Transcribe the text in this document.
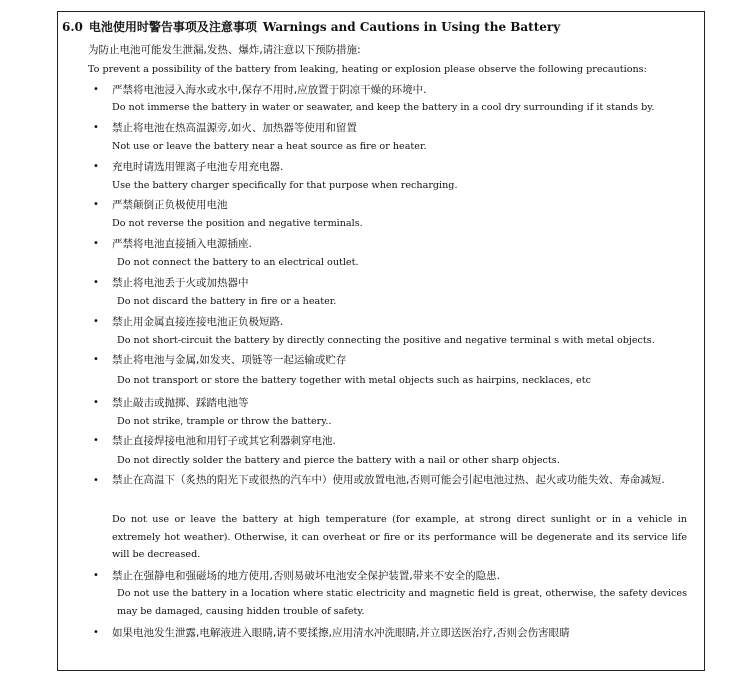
6.0 电池使用时警告事项及注意事项 Warnings and Cautions in Using the Battery
为防止电池可能发生泄漏,发热、爆炸,请注意以下预防措施:
To prevent a possibility of the battery from leaking, heating or explosion please observe the following precautions:
• 严禁将电池浸入海水或水中,保存不用时,应放置于阴凉干燥的环境中.
Do not immerse the battery in water or seawater, and keep the battery in a cool dry surrounding if it stands by.
• 禁止将电池在热高温源旁,如火、加热器等使用和留置
Not use or leave the battery near a heat source as fire or heater.
• 充电时请选用锂离子电池专用充电器.
Use the battery charger specifically for that purpose when recharging.
• 严禁颠倒正负极使用电池
Do not reverse the position and negative terminals.
• 严禁将电池直接插入电源插座.
Do not connect the battery to an electrical outlet.
• 禁止将电池丢于火或加热器中
Do not discard the battery in fire or a heater.
• 禁止用金属直接连接电池正负极短路.
Do not short-circuit the battery by directly connecting the positive and negative terminal s with metal objects.
• 禁止将电池与金属,如发夹、项链等一起运输或贮存
Do not transport or store the battery together with metal objects such as hairpins, necklaces, etc
• 禁止敲击或抛掷、踩踏电池等
Do not strike, trample or throw the battery..
• 禁止直接焊接电池和用钉子或其它利器刺穿电池.
Do not directly solder the battery and pierce the battery with a nail or other sharp objects.
• 禁止在高温下（炙热的阳光下或很热的汽车中）使用或放置电池,否则可能会引起电池过热、起火或功能失效、寿命减短.
Do not use or leave the battery at high temperature (for example, at strong direct sunlight or in a vehicle in extremely hot weather). Otherwise, it can overheat or fire or its performance will be degenerate and its service life will be decreased.
• 禁止在强静电和强磁场的地方使用,否则易破坏电池安全保护装置,带来不安全的隐患.
Do not use the battery in a location where static electricity and magnetic field is great, otherwise, the safety devices may be damaged, causing hidden trouble of safety.
• 如果电池发生泄露,电解液进入眼睛,请不要揉擦,应用清水冲洗眼睛,并立即送医治疗,否则会伤害眼睛
